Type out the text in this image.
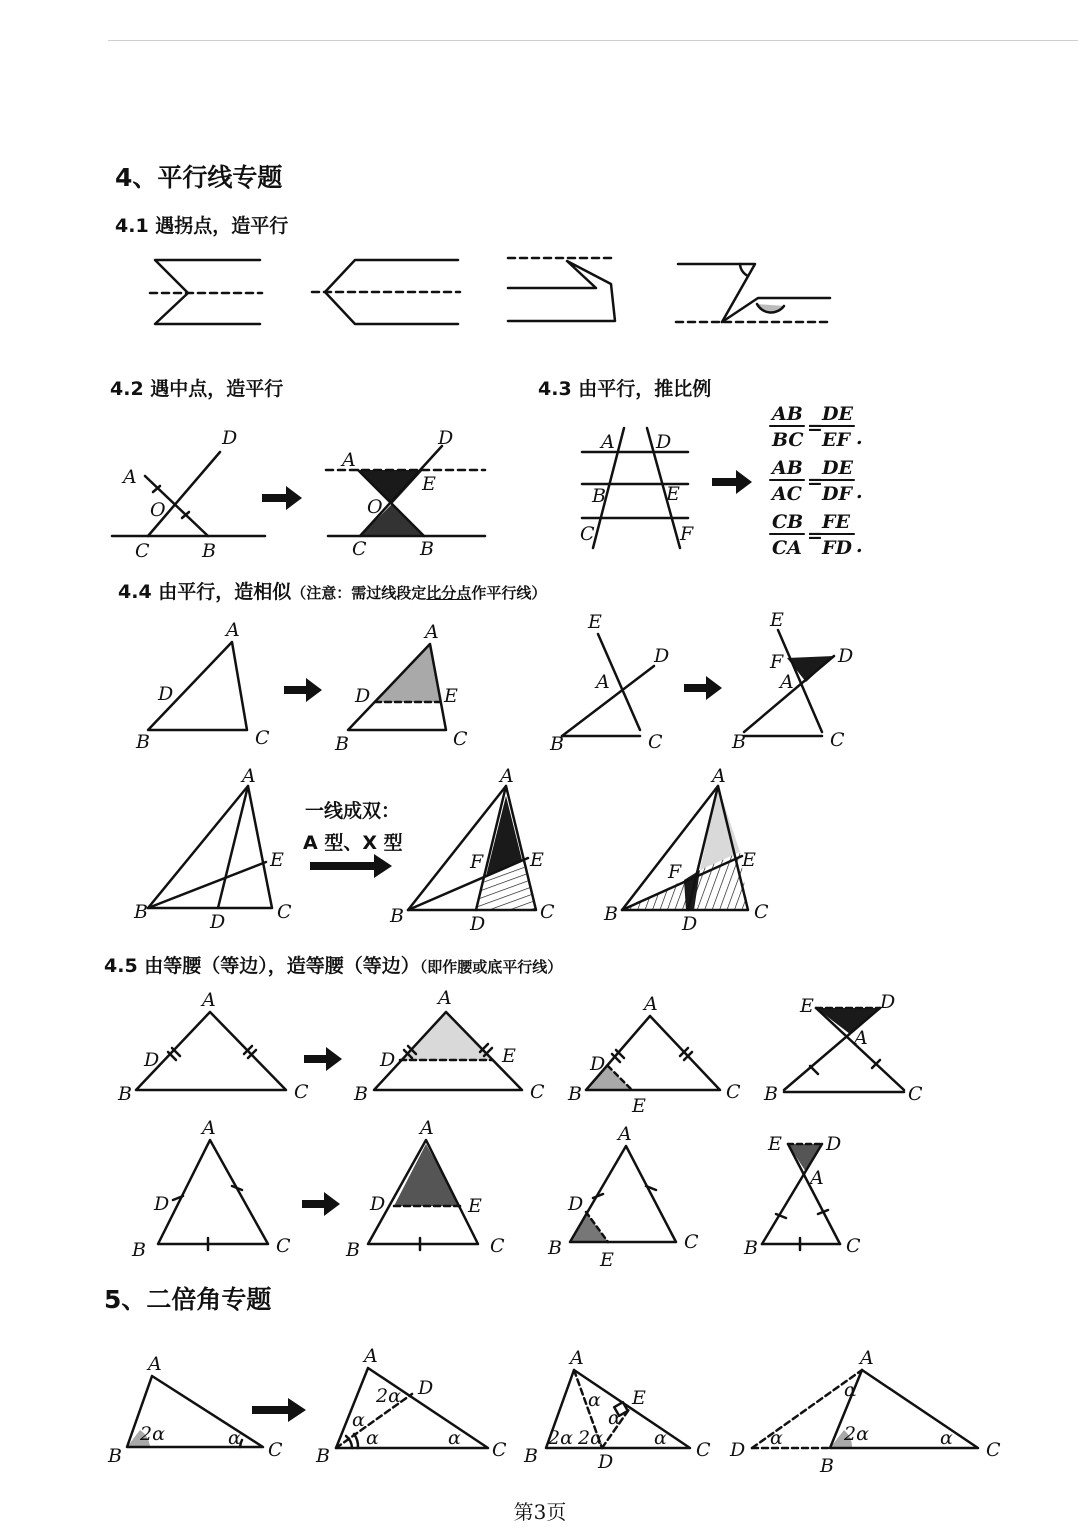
4、平行线专题
4.1 遇拐点，造平行
4.2 遇中点，造平行	4.3 由平行，推比例
4.4 由平行，造相似（注意：需过线段定比分点作平行线）
4.5 由等腰（等边），造等腰（等边）（即作腰或底平行线）
5、二倍角专题
一线成双：
A 型、X 型
A
D
O
C	B
A
D
E
O
C	B
A D
B	E
C	F
AB
BC
=
DE
EF .
AB
AC
=
DE
DF .
CB
CA
=
FE
FD .
A
D
B	C
A
D	E
B	C
E
D
A
B	C
E
F	D
A
B	C
A
E
B	D	C
A
F E
B	D
C
A
F
E
B	D
C
A
D
B	C
A
D	E
B	C
A
D
B
E
C
E	D
A
B	C
A
D
B	C
A
D	E
B	C
A
D
B
E
C
E D
A
B	C
A
2α	α
B	C
A
D
2α
α
α	α
B	C
A
E
α
α
2α 2α	α
B	D
C
A
α
2α
α	α
D
B
C
第3页
